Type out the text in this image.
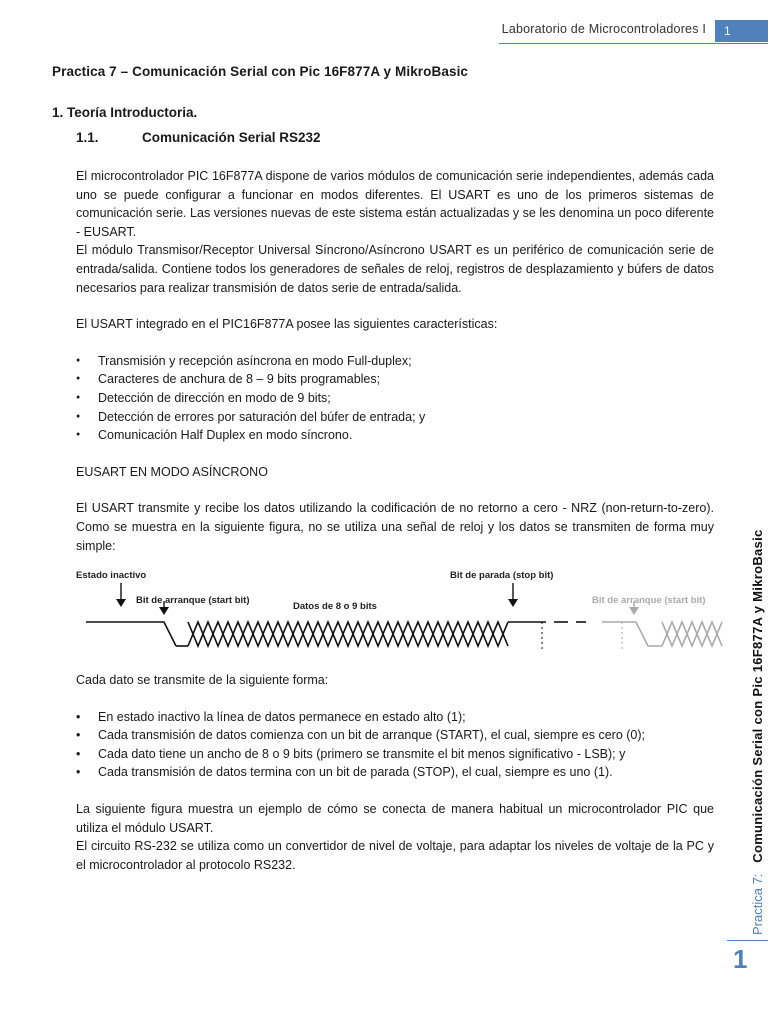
Laboratorio de Microcontroladores I	1
Practica 7 – Comunicación Serial con Pic 16F877A y MikroBasic
1. Teoría Introductoria.
1.1.	Comunicación Serial RS232

El microcontrolador PIC 16F877A dispone de varios módulos de comunicación serie independientes, además cada uno se puede configurar a funcionar en modos diferentes. El USART es uno de los primeros sistemas de comunicación serie. Las versiones nuevas de este sistema están actualizadas y se les denomina un poco diferente - EUSART.

El módulo Transmisor/Receptor Universal Síncrono/Asíncrono USART es un periférico de comunicación serie de entrada/salida. Contiene todos los generadores de señales de reloj, registros de desplazamiento y búfers de datos necesarios para realizar transmisión de datos serie de entrada/salida.

El USART integrado en el PIC16F877A posee las siguientes características:

● Transmisión y recepción asíncrona en modo Full-duplex;
● Caracteres de anchura de 8 – 9 bits programables;
● Detección de dirección en modo de 9 bits;
● Detección de errores por saturación del búfer de entrada; y
● Comunicación Half Duplex en modo síncrono.

EUSART EN MODO ASÍNCRONO

El USART transmite y recibe los datos utilizando la codificación de no retorno a cero - NRZ (non-return-to-zero). Como se muestra en la siguiente figura, no se utiliza una señal de reloj y los datos se transmiten de forma muy simple:

Estado inactivo
Bit de arranque (start bit)
Datos de 8 o 9 bits
Bit de parada (stop bit)
Bit de arranque (start bit)

Cada dato se transmite de la siguiente forma:

• En estado inactivo la línea de datos permanece en estado alto (1);
• Cada transmisión de datos comienza con un bit de arranque (START), el cual, siempre es cero (0);
• Cada dato tiene un ancho de 8 o 9 bits (primero se transmite el bit menos significativo - LSB); y
• Cada transmisión de datos termina con un bit de parada (STOP), el cual, siempre es uno (1).

La siguiente figura muestra un ejemplo de cómo se conecta de manera habitual un microcontrolador PIC que utiliza el módulo USART.

El circuito RS-232 se utiliza como un convertidor de nivel de voltaje, para adaptar los niveles de voltaje de la PC y el microcontrolador al protocolo RS232.

Practica 7:   Comunicación Serial con Pic 16F877A y MikroBasic
1
